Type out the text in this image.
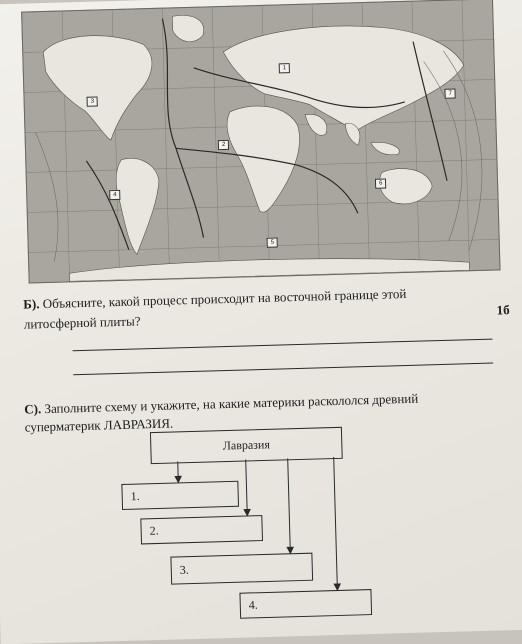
3
1
7
2
4
6
5
Б). Объясните, какой процесс происходит на восточной границе этой
литосферной плиты?
1б
С). Заполните схему и укажите, на какие материки раскололся древний
суперматерик ЛАВРАЗИЯ.
Лавразия
1.
2.
3.
4.
